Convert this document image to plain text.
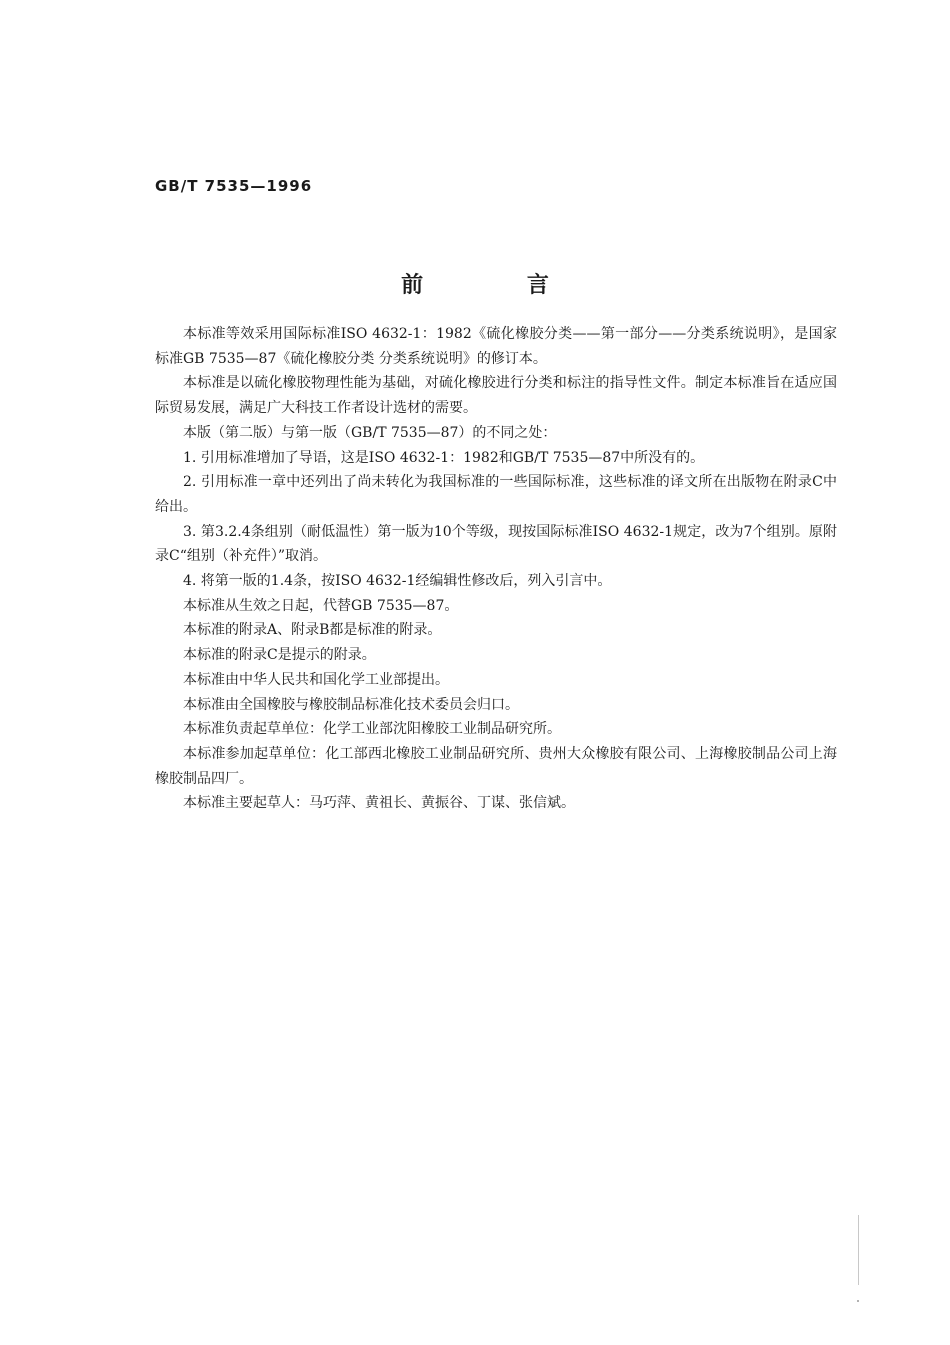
GB/T 7535—1996
前 言

本标准等效采用国际标准ISO 4632-1：1982《硫化橡胶分类——第一部分——分类系统说明》，是国家标准GB 7535—87《硫化橡胶分类 分类系统说明》的修订本。

本标准是以硫化橡胶物理性能为基础，对硫化橡胶进行分类和标注的指导性文件。制定本标准旨在适应国际贸易发展，满足广大科技工作者设计选材的需要。

本版（第二版）与第一版（GB/T 7535—87）的不同之处：

1. 引用标准增加了导语，这是ISO 4632-1：1982和GB/T 7535—87中所没有的。

2. 引用标准一章中还列出了尚未转化为我国标准的一些国际标准，这些标准的译文所在出版物在附录C中给出。

3. 第3.2.4条组别（耐低温性）第一版为10个等级，现按国际标准ISO 4632-1规定，改为7个组别。原附录C“组别（补充件）”取消。

4. 将第一版的1.4条，按ISO 4632-1经编辑性修改后，列入引言中。

本标准从生效之日起，代替GB 7535—87。

本标准的附录A、附录B都是标准的附录。

本标准的附录C是提示的附录。

本标准由中华人民共和国化学工业部提出。

本标准由全国橡胶与橡胶制品标准化技术委员会归口。

本标准负责起草单位：化学工业部沈阳橡胶工业制品研究所。

本标准参加起草单位：化工部西北橡胶工业制品研究所、贵州大众橡胶有限公司、上海橡胶制品公司上海橡胶制品四厂。

本标准主要起草人：马巧萍、黄祖长、黄振谷、丁谋、张信斌。
